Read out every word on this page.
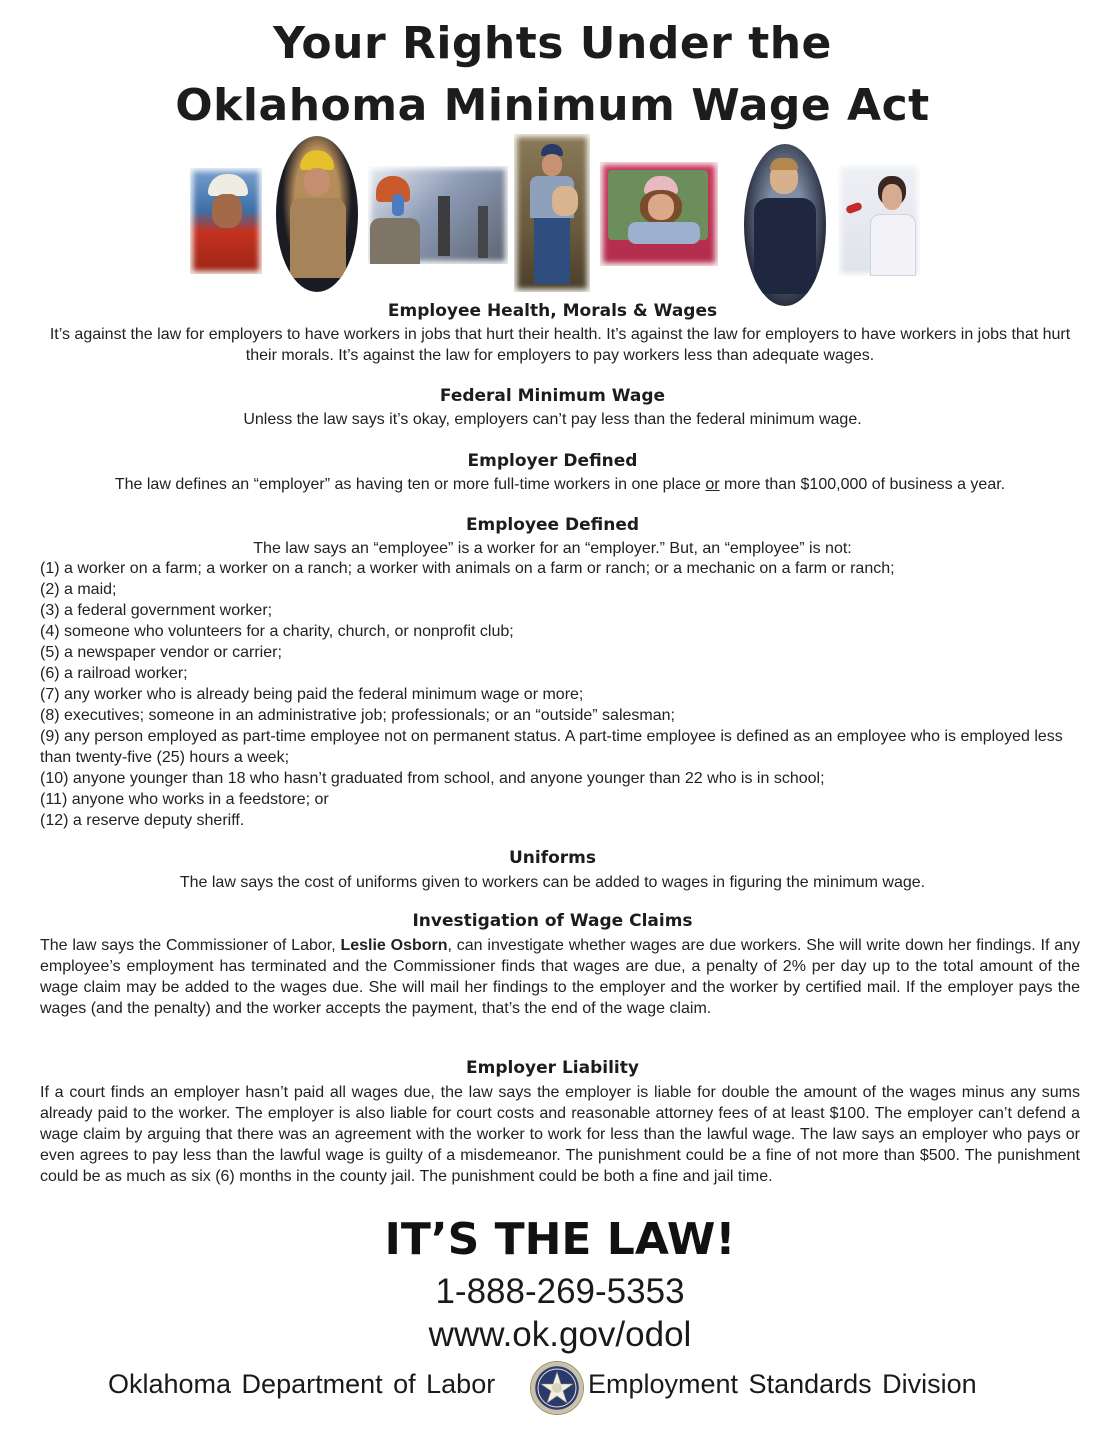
Your Rights Under the
Oklahoma Minimum Wage Act
Employee Health, Morals & Wages
It’s against the law for employers to have workers in jobs that hurt their health. It’s against the law for employers to have workers in jobs that hurt their morals. It’s against the law for employers to pay workers less than adequate wages.
Federal Minimum Wage
Unless the law says it’s okay, employers can’t pay less than the federal minimum wage.
Employer Defined
The law defines an “employer” as having ten or more full-time workers in one place or more than $100,000 of business a year.
Employee Defined
The law says an “employee” is a worker for an “employer.” But, an “employee” is not:
(1) a worker on a farm; a worker on a ranch; a worker with animals on a farm or ranch; or a mechanic on a farm or ranch;
(2) a maid;
(3) a federal government worker;
(4) someone who volunteers for a charity, church, or nonprofit club;
(5) a newspaper vendor or carrier;
(6) a railroad worker;
(7) any worker who is already being paid the federal minimum wage or more;
(8) executives; someone in an administrative job; professionals; or an “outside” salesman;
(9) any person employed as part-time employee not on permanent status. A part-time employee is defined as an employee who is employed less than twenty-five (25) hours a week;
(10) anyone younger than 18 who hasn’t graduated from school, and anyone younger than 22 who is in school;
(11) anyone who works in a feedstore; or
(12) a reserve deputy sheriff.
Uniforms
The law says the cost of uniforms given to workers can be added to wages in figuring the minimum wage.
Investigation of Wage Claims
The law says the Commissioner of Labor, Leslie Osborn, can investigate whether wages are due workers. She will write down her findings. If any employee’s employment has terminated and the Commissioner finds that wages are due, a penalty of 2% per day up to the total amount of the wage claim may be added to the wages due. She will mail her findings to the employer and the worker by certified mail. If the employer pays the wages (and the penalty) and the worker accepts the payment, that’s the end of the wage claim.
Employer Liability
If a court finds an employer hasn’t paid all wages due, the law says the employer is liable for double the amount of the wages minus any sums already paid to the worker. The employer is also liable for court costs and reasonable attorney fees of at least $100. The employer can’t defend a wage claim by arguing that there was an agreement with the worker to work for less than the lawful wage. The law says an employer who pays or even agrees to pay less than the lawful wage is guilty of a misdemeanor. The punishment could be a fine of not more than $500. The punishment could be as much as six (6) months in the county jail. The punishment could be both a fine and jail time.
IT’S THE LAW!
1-888-269-5353
www.ok.gov/odol
Oklahoma Department of Labor	Employment Standards Division
